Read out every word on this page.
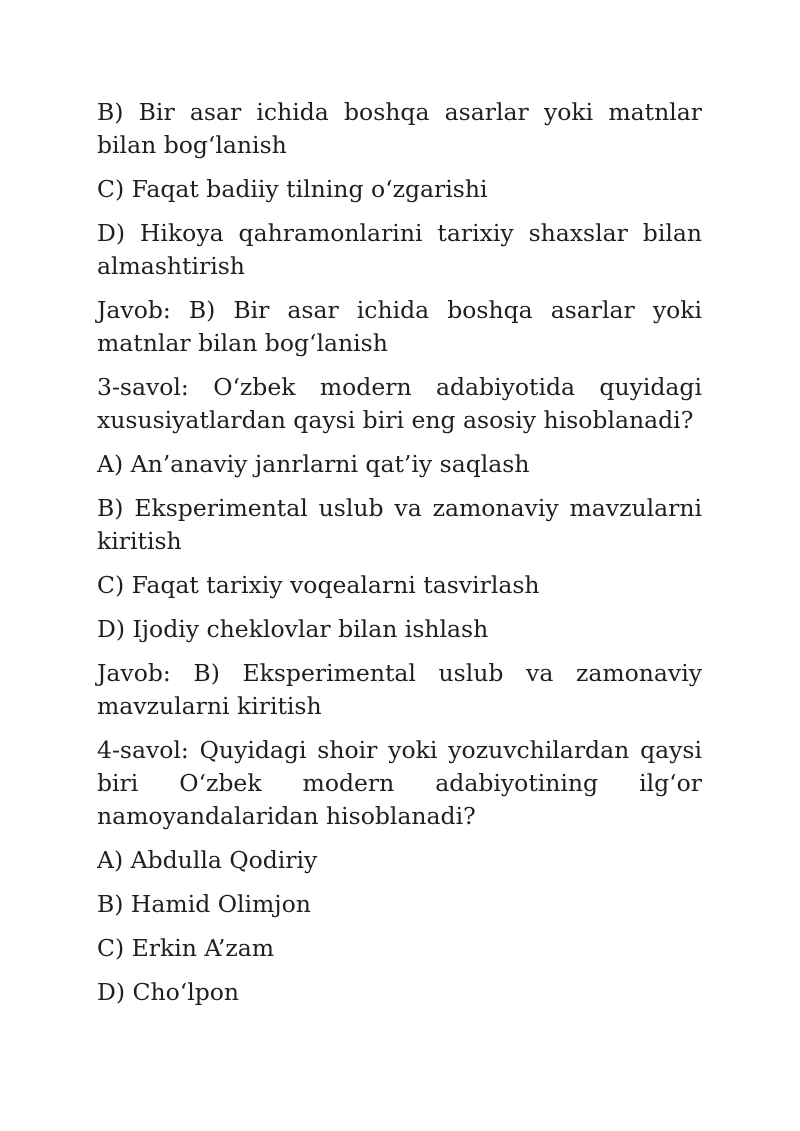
B) Bir asar ichida boshqa asarlar yoki matnlar bilan bog‘lanish

C) Faqat badiiy tilning o‘zgarishi

D) Hikoya qahramonlarini tarixiy shaxslar bilan almashtirish

Javob: B) Bir asar ichida boshqa asarlar yoki matnlar bilan bog‘lanish

3-savol: O‘zbek modern adabiyotida quyidagi xususiyatlardan qaysi biri eng asosiy hisoblanadi?

A) An’anaviy janrlarni qat’iy saqlash

B) Eksperimental uslub va zamonaviy mavzularni kiritish

C) Faqat tarixiy voqealarni tasvirlash

D) Ijodiy cheklovlar bilan ishlash

Javob: B) Eksperimental uslub va zamonaviy mavzularni kiritish

4-savol: Quyidagi shoir yoki yozuvchilardan qaysi biri O‘zbek modern adabiyotining ilg‘or namoyandalaridan hisoblanadi?

A) Abdulla Qodiriy

B) Hamid Olimjon

C) Erkin A’zam

D) Cho‘lpon
